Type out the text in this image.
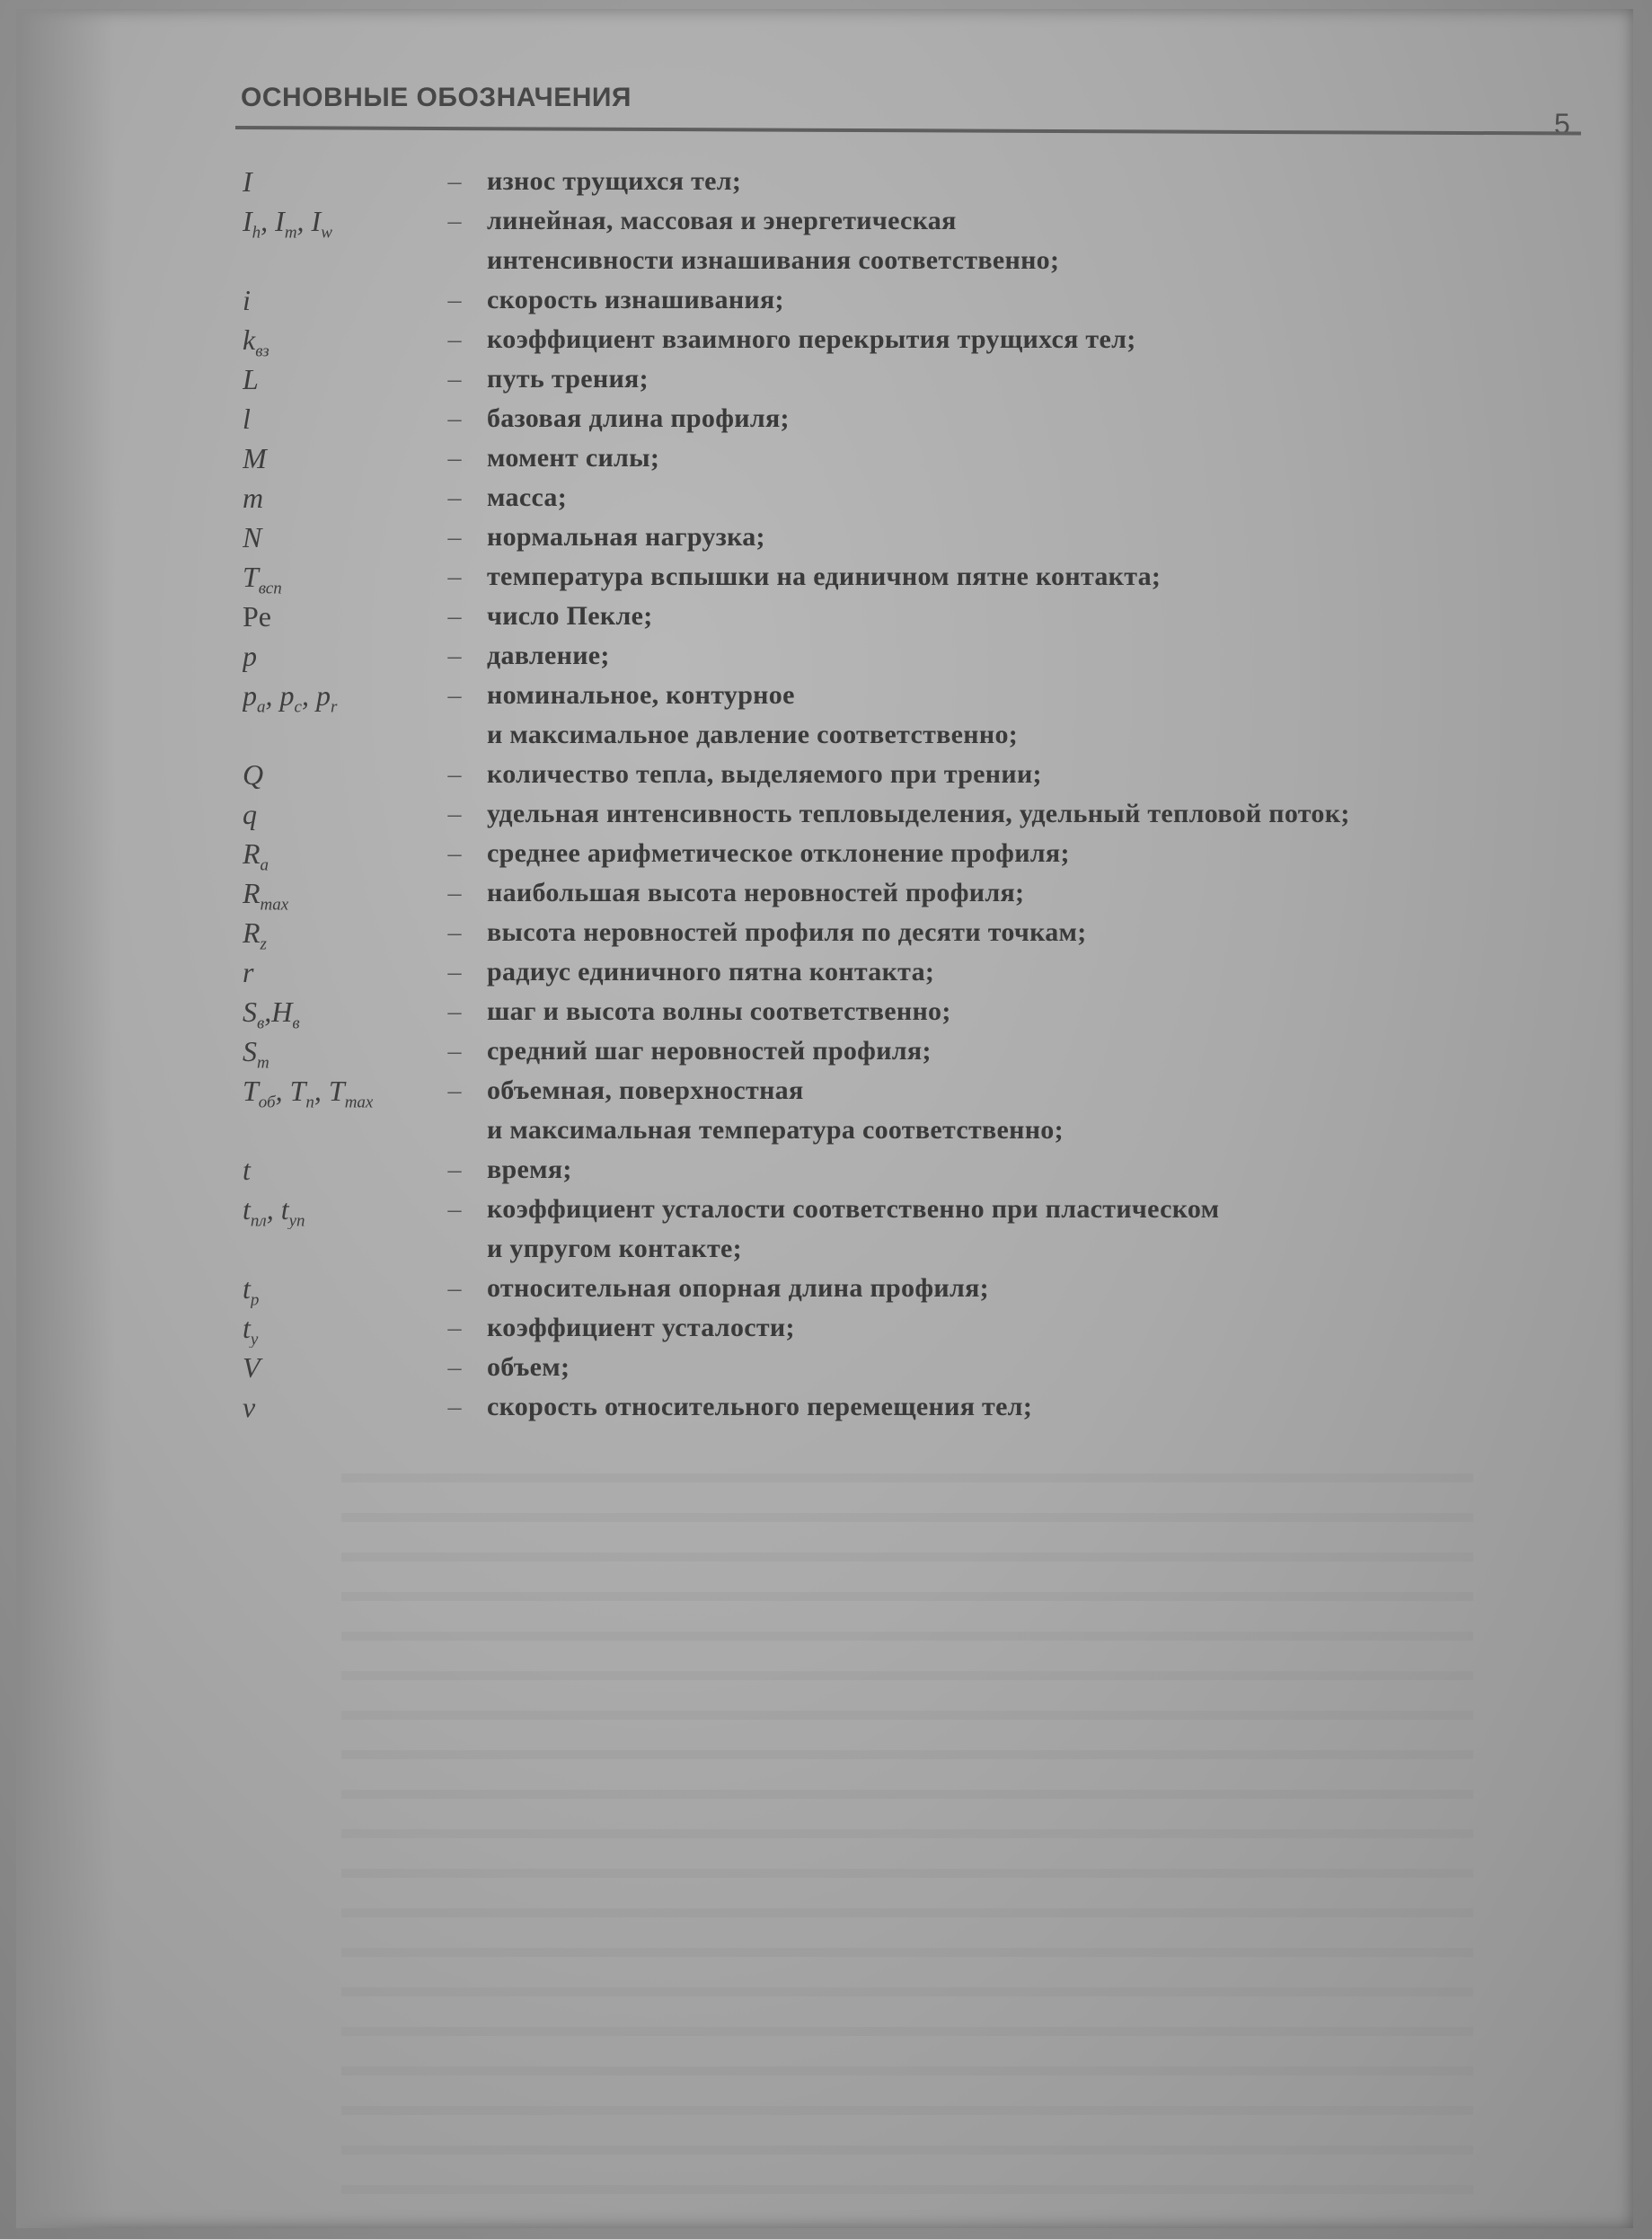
ОСНОВНЫЕ ОБОЗНАЧЕНИЯ
5
I	– износ трущихся тел;
$I_h$, $I_m$, $I_w$	– линейная, массовая и энергетическая
интенсивности изнашивания соответственно;
i	– скорость изнашивания;
$k_{вз}$	– коэффициент взаимного перекрытия трущихся тел;
L	– путь трения;
l	– базовая длина профиля;
M	– момент силы;
m	– масса;
N	– нормальная нагрузка;
$T_{всп}$	– температура вспышки на единичном пятне контакта;
Pe	– число Пекле;
p	– давление;
$p_a$, $p_c$, $p_r$	– номинальное, контурное
и максимальное давление соответственно;
Q	– количество тепла, выделяемого при трении;
q	– удельная интенсивность тепловыделения, удельный тепловой поток;
$R_a$	– среднее арифметическое отклонение профиля;
$R_{max}$	– наибольшая высота неровностей профиля;
$R_z$	– высота неровностей профиля по десяти точкам;
r	– радиус единичного пятна контакта;
$S_в,H_в$	– шаг и высота волны соответственно;
$S_m$	– средний шаг неровностей профиля;
$T_{об}$, $T_п$, $T_{max}$	– объемная, поверхностная
и максимальная температура соответственно;
t	– время;
$t_{пл}$, $t_{уп}$	– коэффициент усталости соответственно при пластическом
и упругом контакте;
$t_p$	– относительная опорная длина профиля;
$t_y$	– коэффициент усталости;
V	– объем;
v	– скорость относительного перемещения тел;
